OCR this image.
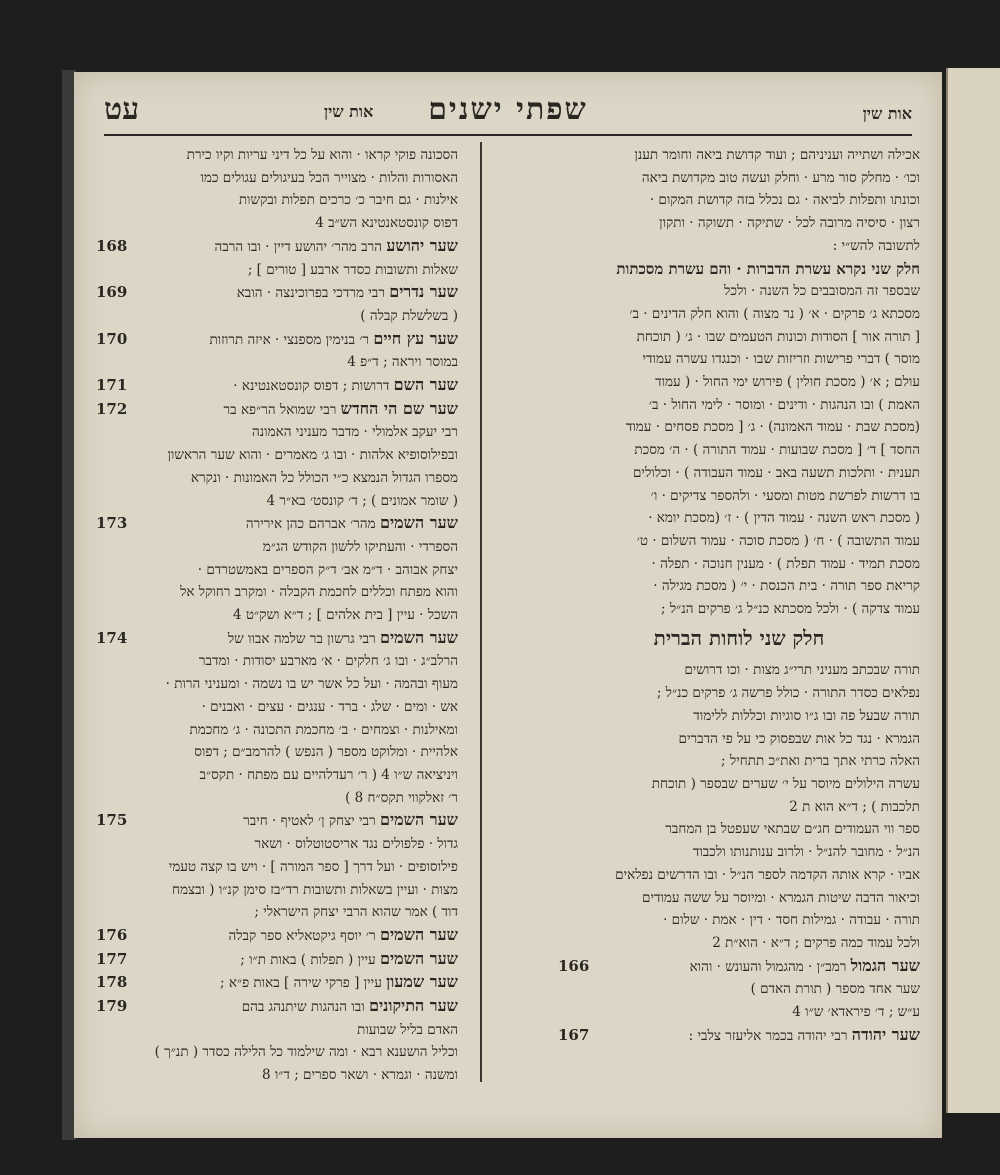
עט	אות שין שפתי ישנים	אות שין
אכילה ושתייה ועניניהם ; ועוד קדושת ביאה וחומר תענן
וכו׳ · מחלק סור מרע · וחלק ועשה טוב מקדושת ביאה
וכונתו ותפלות לביאה · גם נכלל בזה קדושת המקום ·
רצון · סיסיה מרובה לכל · שתיקה · תשוקה · ותקון
לתשובה להש״י :
חלק שני נקרא עשרת הדברות · והם עשרת מסכתות
שבספר זה המסובבים כל השנה · ולכל
מסכתא ג׳ פרקים · א׳ ( נר מצוה ) והוא חלק הדינים · ב׳
[ תורה אור ] הסודות וכונות הטעמים שבו · ג׳ ( תוכחת
מוסר ) דברי פרישות וזריזות שבו · וכנגדו עשרה עמודי
עולם ; א׳ ( מסכת חולין ) פירוש ימי החול · ( עמוד
האמת ) ובו הנהגות · ודינים · ומוסר · לימי החול · ב׳
(מסכת שבת · עמוד האמונה) · ג׳ [ מסכת פסחים · עמוד
החסד ] ד׳ [ מסכת שבועות · עמוד התורה ) · ה׳ מסכת
תענית · ותלכות תשעה באב · עמוד העבודה ) · וכלולים
בו דרשות לפרשת מטות ומסעי · ולהספר צדיקים · ו׳
( מסכת ראש השנה · עמוד הדין ) · ז׳ (מסכת יומא ·
עמוד התשובה ) · ח׳ ( מסכת סוכה · עמוד השלום · ט׳
מסכת תמיד · עמוד תפלת ) · מענין חנוכה · תפלה ·
קריאת ספר תורה · בית הכנסת · י׳ ( מסכת מגילה ·
עמוד צדקה ) · ולכל מסכתא כנ״ל ג׳ פרקים הנ״ל ;
חלק שני לוחות הברית
תורה שבכתב מעניני תרי״ג מצות · וכו דרושים
נפלאים כסדר התורה · כולל פרשה ג׳ פרקים כנ״ל ;
תורה שבעל פה ובו ג״ו סוגיות וכללות ללימוד
הגמרא · נגד כל אות שבפסוק כי על פי הדברים
האלה כרתי אתך ברית ואת״כ תתחיל ;
עשרה הילולים מיוסר על י׳ שערים שבספר ( תוכחת
תלכבות ) ; ד״א הוא ת 2
ספר ווי העמודים חג״ם שבתאי שעפטל בן המחבר
הנ״ל · מחובר להנ״ל · ולרוב ענותנותו ולכבוד
אביו · קרא אותה הקדמה לספר הנ״ל · ובו הדרשים נפלאים
וכיאור הדבה שיטות הגמרא · ומיוסר על ששה עמודים
תורה · עבודה · גמילות חסד · דין · אמת · שלום ·
ולכל עמוד כמה פרקים ; ד״א · הוא״ת 2
שער הגמול רמב״ן · מהגמול והעונש · והוא
166
שער אחד מספר ( תורת האדם )
ע״ש ; ד׳ פיראדא׳ ש״ו 4
שער יהודה רבי יהודה בכמר אליעזר צלבי :
167
הסכונה פוקי קראו · והוא על כל דיני עריות וקיו כירת
האסורות והלות · מצוייר הכל בעיגולים עגולים כמו
אילנות · גם חיבר כ׳ כרכים תפלות ובקשות
דפוס קונסטאנטינא הש״ב 4
שער יהושע הרב מהר׳ יהושע דיין · ובו הרבה
168
שאלות ותשובות כסדר ארבע [ טורים ] ;
שער נדרים רבי מרדכי בפרוכינצה · הובא
169
( בשלשלת קבלה )
שער עץ חיים ר׳ בנימין מספנצי · איזה תרוזות
170
במוסר ויראה ; ד״פ 4
שער השם דרושות ; דפוס קונסטאנטינא ·
171
שער שם הי החדש רבי שמואל הר״פא בר
172
רבי יעקב אלמולי · מדבר מעניני האמונה
ובפילוסופיא אלהות · ובו ג׳ מאמרים · והוא שער הראשון
מספרו הגדול הנמצא כ״י הכולל כל האמונות · ונקרא
( שומר אמונים ) ; ד׳ קונסט׳ בא״ר 4
שער השמים מהר׳ אברהם כהן אירירה
173
הספרדי · והעתיקו ללשון הקודש הג״מ
יצחק אבוהב · ד״מ אב׳ ד״ק הספרים באמשטרדם ·
והוא מפתח וכללים לחכמת הקבלה · ומקרב רחוקל אל
השכל · עיין [ בית אלהים ] ; ד״א ושק״ט 4
שער השמים רבי גרשון בר שלמה אבוו של
174
הרלב״ג · ובו ג׳ חלקים · א׳ מארבע יסודות · ומדבר
מעוף ובהמה · ועל כל אשר יש בו נשמה · ומעניני הרות ·
אש · ומים · שלג · ברד · ענגים · עצים · ואבנים ·
ומאילנות · וצמחים · ב׳ מחכמת התכונה · ג׳ מחכמת
אלהיית · ומלוקט מספר ( הנפש ) להרמב״ם ; דפוס
ויניציאה ש״ו 4 ( ר׳ רעדלהיים עם מפתח · תקס״ב
ר׳ זאלקווי תקס״ח 8 )
שער השמים רבי יצחק ן׳ לאטיף · חיבר
175
גדול · פלפולים נגד אריסטוטלוס · ושאר
פילוסופים · ועל דרך [ ספר המורה ] · ויש בו קצה טעמי
מצות · ועיין בשאלות ותשובות רד״בז סימן קנ״ו ( ובצמח
דוד ) אמר שהוא הרבי יצחק הישראלי ;
שער השמים ר׳ יוסף גיקטאליא ספר קבלה
176
שער השמים עיין ( תפלות ) באות ת״ו ;
177
שער שמעון עיין [ פרקי שירה ] באות פ״א ;
178
שער התיקונים ובו הנהגות שיתנהג בהם
179
האדם בליל שבועות
וכליל הושענא רבא · ומה שילמוד כל הלילה כסדר ( תנ״ך )
ומשנה · וגמרא · ושאר ספרים ; ד״ו 8
